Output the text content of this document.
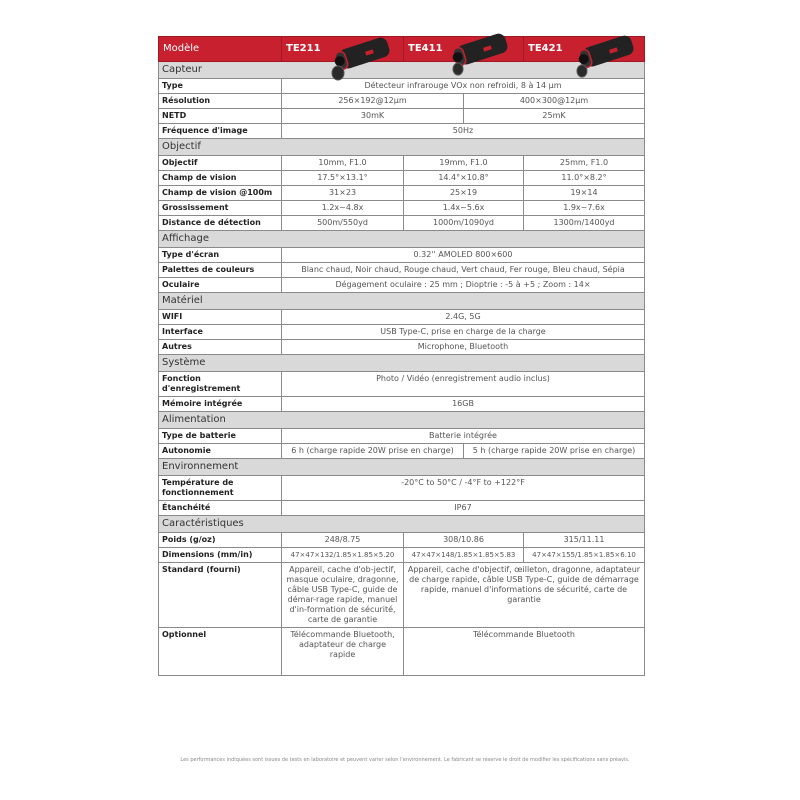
Modèle	TE211	TE411		TE421

Capteur				
Type	Détecteur infrarouge VOx non refroidi, 8 à 14 µm			
Résolution	256×192@12µm		400×300@12µm	
NETD	30mK		25mK	
Fréquence d'image	50Hz			
Objectif				
Objectif	10mm, F1.0	19mm, F1.0		25mm, F1.0
Champ de vision	17.5°×13.1°	14.4°×10.8°		11.0°×8.2°
Champ de vision @100m	31×23	25×19		19×14
Grossissement	1.2x~4.8x	1.4x~5.6x		1.9x~7.6x
Distance de détection	500m/550yd	1000m/1090yd		1300m/1400yd
Affichage				
Type d'écran	0.32'' AMOLED 800×600			
Palettes de couleurs	Blanc chaud, Noir chaud, Rouge chaud, Vert chaud, Fer rouge, Bleu chaud, Sépia			
Oculaire	Dégagement oculaire : 25 mm ; Dioptrie : -5 à +5 ; Zoom : 14×			
Matériel				
WIFI	2.4G, 5G			
Interface	USB Type-C, prise en charge de la charge			
Autres	Microphone, Bluetooth			
Système				
Fonction d'enregistrement	Photo / Vidéo (enregistrement audio inclus)			
Mémoire intégrée	16GB			
Alimentation				
Type de batterie	Batterie intégrée			
Autonomie	6 h (charge rapide 20W prise en charge)		5 h (charge rapide 20W prise en charge)	
Environnement				
Température de fonctionnement	-20°C to 50°C / -4°F to +122°F			
Étanchéité	IP67			
Caractéristiques				
Poids (g/oz)	248/8.75	308/10.86		315/11.11
Dimensions (mm/in)	47×47×132/1.85×1.85×5.20	47×47×148/1.85×1.85×5.83		47×47×155/1.85×1.85×6.10
Standard (fourni)	Appareil, cache d'ob-jectif, masque oculaire, dragonne, câble USB Type-C, guide de démar-rage rapide, manuel d'in-formation de sécurité, carte de garantie	Appareil, cache d'objectif, œilleton, dragonne, adaptateur de charge rapide, câble USB Type-C, guide de démarrage rapide, manuel d'informations de sécurité, carte de garantie		
Optionnel	Télécommande Bluetooth, adaptateur de charge rapide	Télécommande Bluetooth		
Les performances indiquées sont issues de tests en laboratoire et peuvent varier selon l'environnement. Le fabricant se réserve le droit de modifier les spécifications sans préavis.
